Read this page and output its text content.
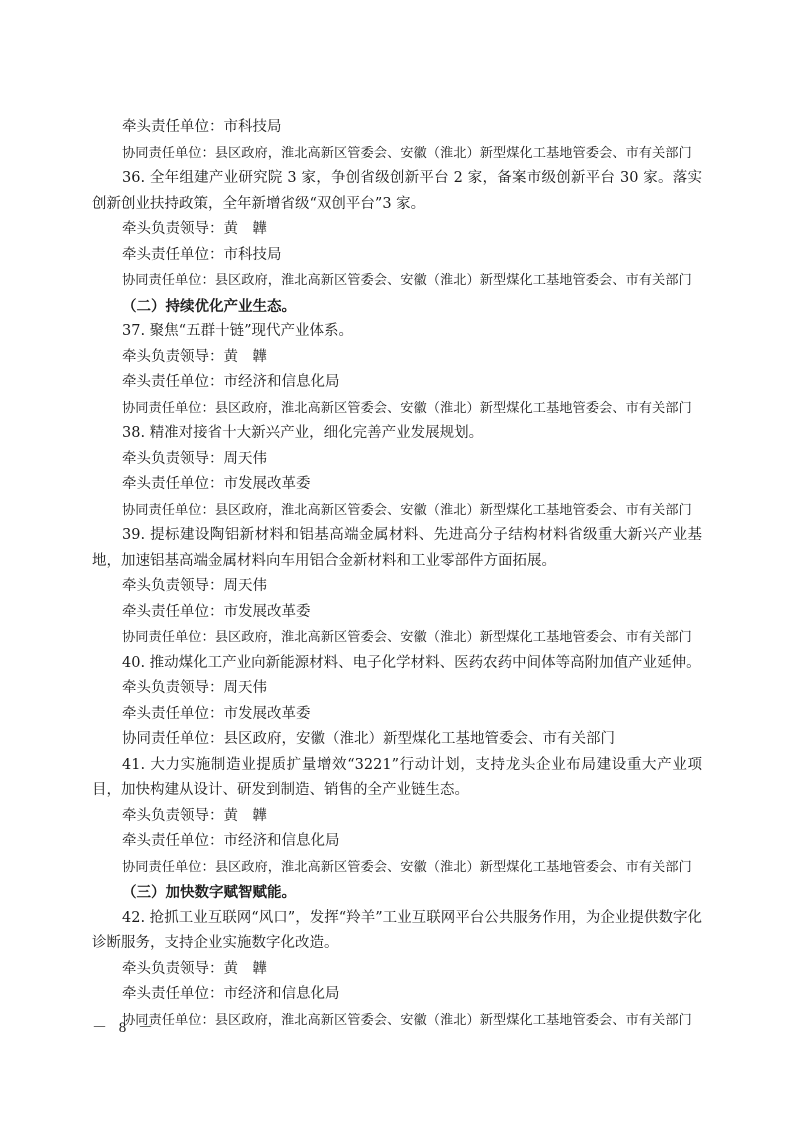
牵头责任单位：市科技局
协同责任单位：县区政府，淮北高新区管委会、安徽（淮北）新型煤化工基地管委会、市有关部门
36. 全年组建产业研究院 3 家，争创省级创新平台 2 家，备案市级创新平台 30 家。落实创新创业扶持政策，全年新增省级“双创平台”3 家。
牵头负责领导：黄　韡
牵头责任单位：市科技局
协同责任单位：县区政府，淮北高新区管委会、安徽（淮北）新型煤化工基地管委会、市有关部门
（二）持续优化产业生态。
37. 聚焦“五群十链”现代产业体系。
牵头负责领导：黄　韡
牵头责任单位：市经济和信息化局
协同责任单位：县区政府，淮北高新区管委会、安徽（淮北）新型煤化工基地管委会、市有关部门
38. 精准对接省十大新兴产业，细化完善产业发展规划。
牵头负责领导：周天伟
牵头责任单位：市发展改革委
协同责任单位：县区政府，淮北高新区管委会、安徽（淮北）新型煤化工基地管委会、市有关部门
39. 提标建设陶铝新材料和铝基高端金属材料、先进高分子结构材料省级重大新兴产业基地，加速铝基高端金属材料向车用铝合金新材料和工业零部件方面拓展。
牵头负责领导：周天伟
牵头责任单位：市发展改革委
协同责任单位：县区政府，淮北高新区管委会、安徽（淮北）新型煤化工基地管委会、市有关部门
40. 推动煤化工产业向新能源材料、电子化学材料、医药农药中间体等高附加值产业延伸。
牵头负责领导：周天伟
牵头责任单位：市发展改革委
协同责任单位：县区政府，安徽（淮北）新型煤化工基地管委会、市有关部门
41. 大力实施制造业提质扩量增效“3221”行动计划，支持龙头企业布局建设重大产业项目，加快构建从设计、研发到制造、销售的全产业链生态。
牵头负责领导：黄　韡
牵头责任单位：市经济和信息化局
协同责任单位：县区政府，淮北高新区管委会、安徽（淮北）新型煤化工基地管委会、市有关部门
（三）加快数字赋智赋能。
42. 抢抓工业互联网“风口”，发挥“羚羊”工业互联网平台公共服务作用，为企业提供数字化诊断服务，支持企业实施数字化改造。
牵头负责领导：黄　韡
牵头责任单位：市经济和信息化局
协同责任单位：县区政府，淮北高新区管委会、安徽（淮北）新型煤化工基地管委会、市有关部门
－ 8 －
